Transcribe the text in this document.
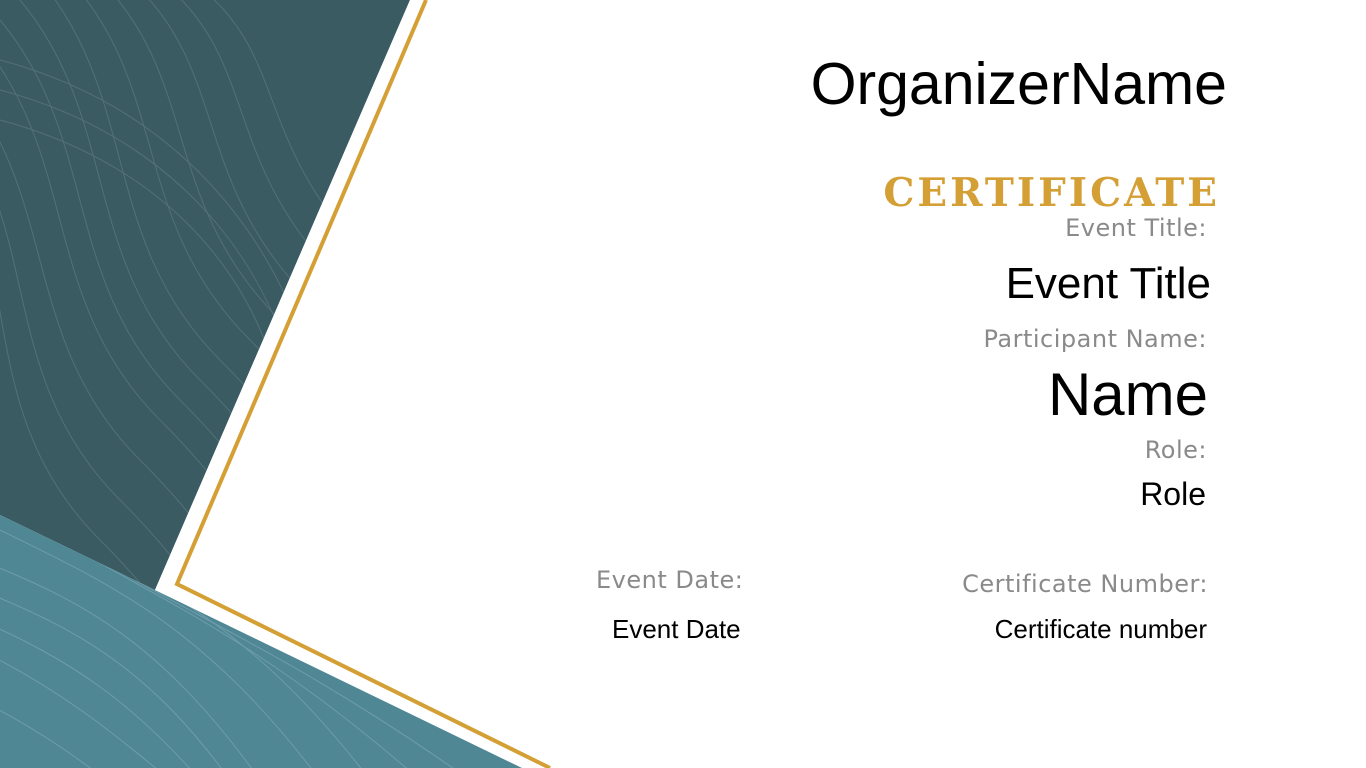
OrganizerName
CERTIFICATE
Event Title:
Event Title
Participant Name:
Name
Role:
Role
Event Date:
Event Date
Certificate Number:
Certificate number
